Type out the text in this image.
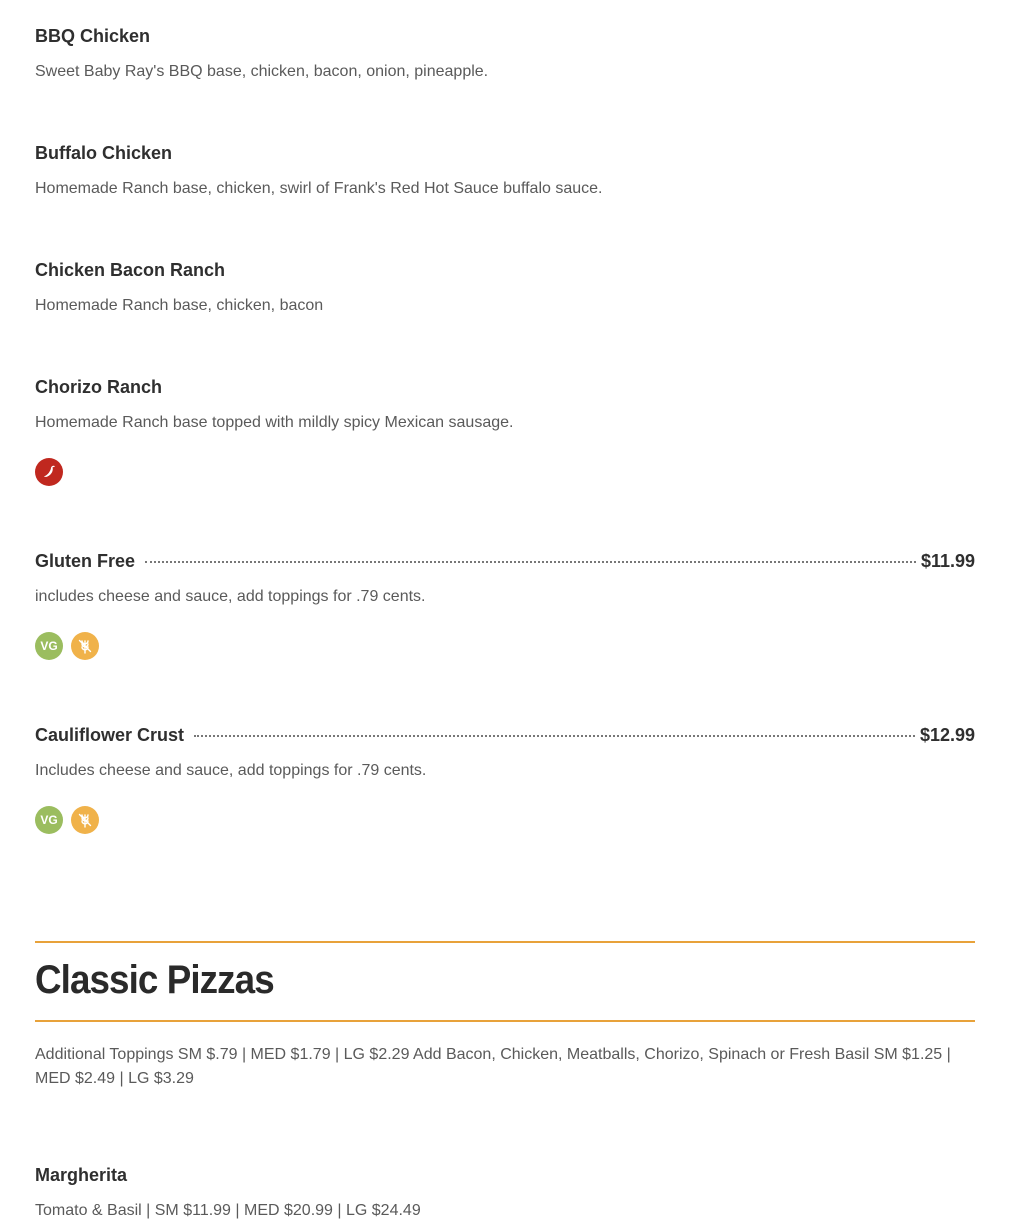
BBQ Chicken
Sweet Baby Ray's BBQ base, chicken, bacon, onion, pineapple.
Buffalo Chicken
Homemade Ranch base, chicken, swirl of Frank's Red Hot Sauce buffalo sauce.
Chicken Bacon Ranch
Homemade Ranch base, chicken, bacon
Chorizo Ranch
Homemade Ranch base topped with mildly spicy Mexican sausage.
Gluten Free	$11.99
includes cheese and sauce, add toppings for .79 cents.
VG
Cauliflower Crust	$12.99
Includes cheese and sauce, add toppings for .79 cents.
VG
Classic Pizzas
Additional Toppings SM $.79 | MED $1.79 | LG $2.29 Add Bacon, Chicken, Meatballs, Chorizo, Spinach or Fresh Basil SM $1.25 | MED $2.49 | LG $3.29
Margherita
Tomato & Basil | SM $11.99 | MED $20.99 | LG $24.49
